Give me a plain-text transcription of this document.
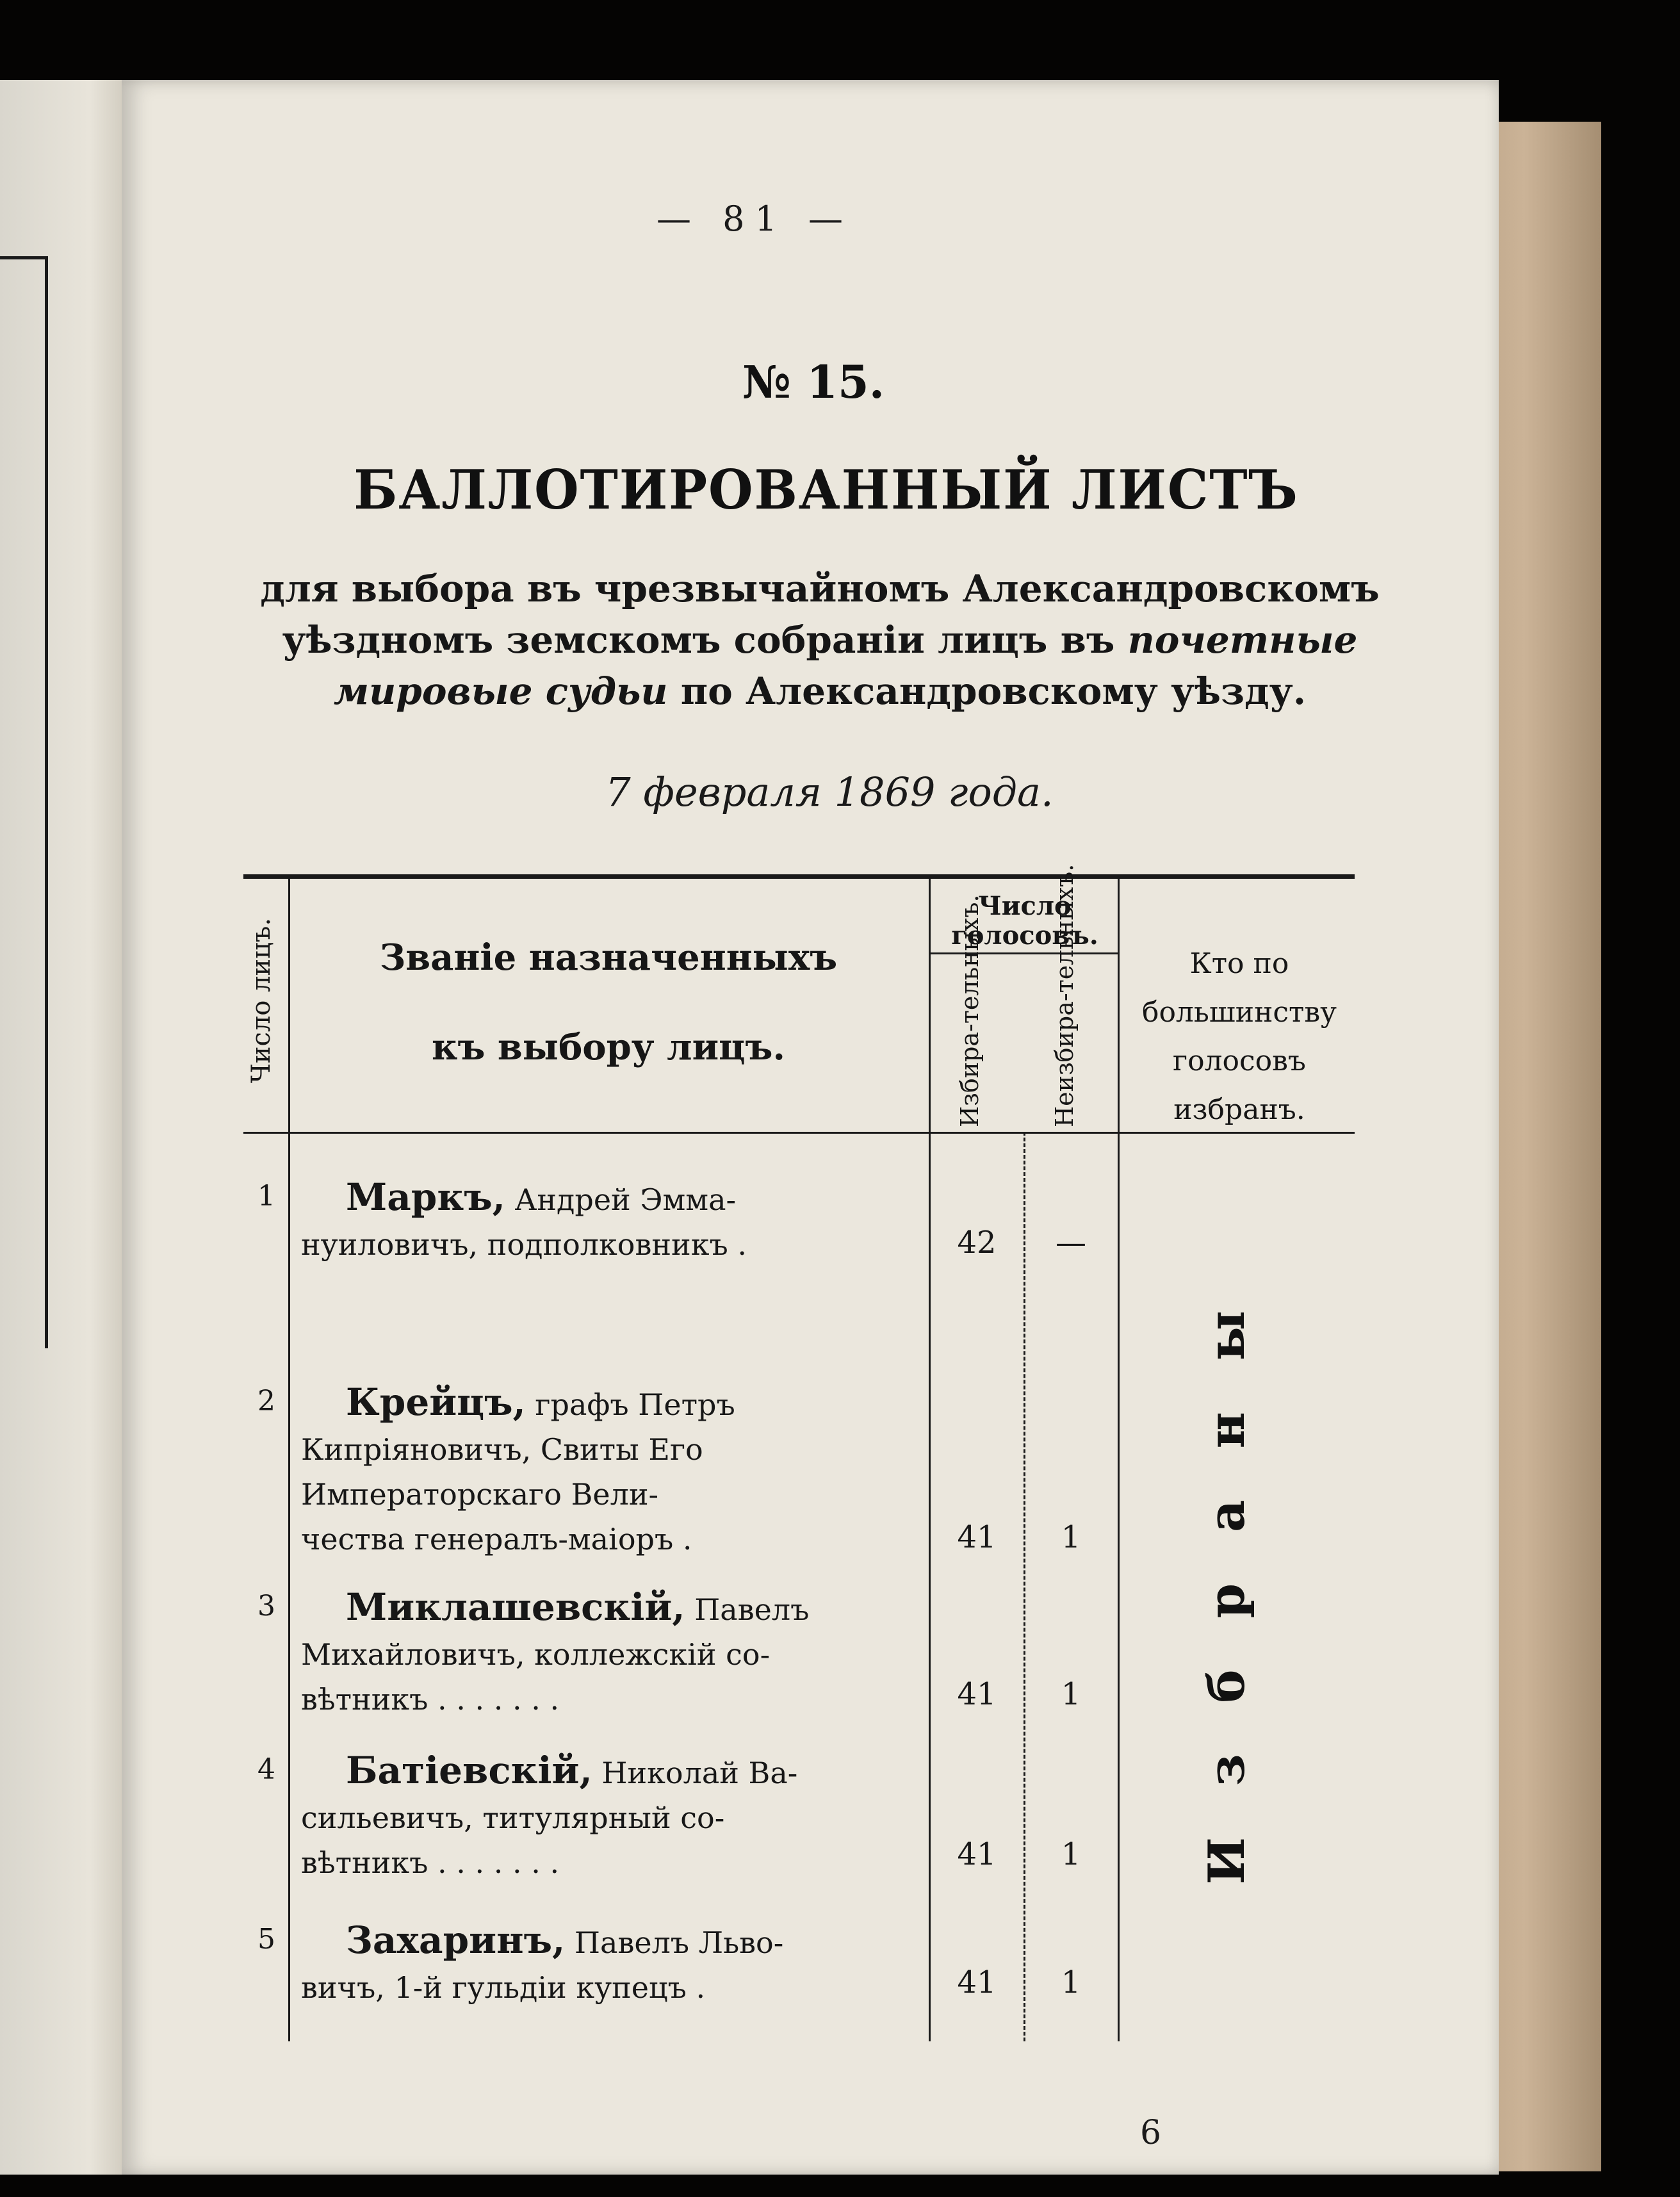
— 81 —
№ 15.
БАЛЛОТИРОВАННЫЙ ЛИСТЪ
для выбора въ чрезвычайномъ Александровскомъ
уѣздномъ земскомъ собраніи лицъ въ почетные
мировые судьи по Александровскому уѣзду.
7 февраля 1869 года.
Число лицъ.	Званіе назначенныхъ
къ выбору лицъ.
Число голосовъ.
Избира-тельныхъ.	Неизбира-тельныхъ.	Кто по большинству голосовъ избранъ.
1	Маркъ, Андрей Эмма-
нуиловичъ, подполковникъ .	42	—
2	Крейцъ, графъ Петръ
Кипріяновичъ, Свиты Его
Императорскаго Вели-
чества генералъ-маіоръ .	41	1
3	Миклашевскій, Павелъ
Михайловичъ, коллежскій со-
вѣтникъ . . . . . . .	41	1
4	Батіевскій, Николай Ва-
сильевичъ, титулярный со-
вѣтникъ . . . . . . .	41	1
5	Захаринъ, Павелъ Льво-
вичъ, 1-й гульдіи купецъ .	41	1
Избраны
6
